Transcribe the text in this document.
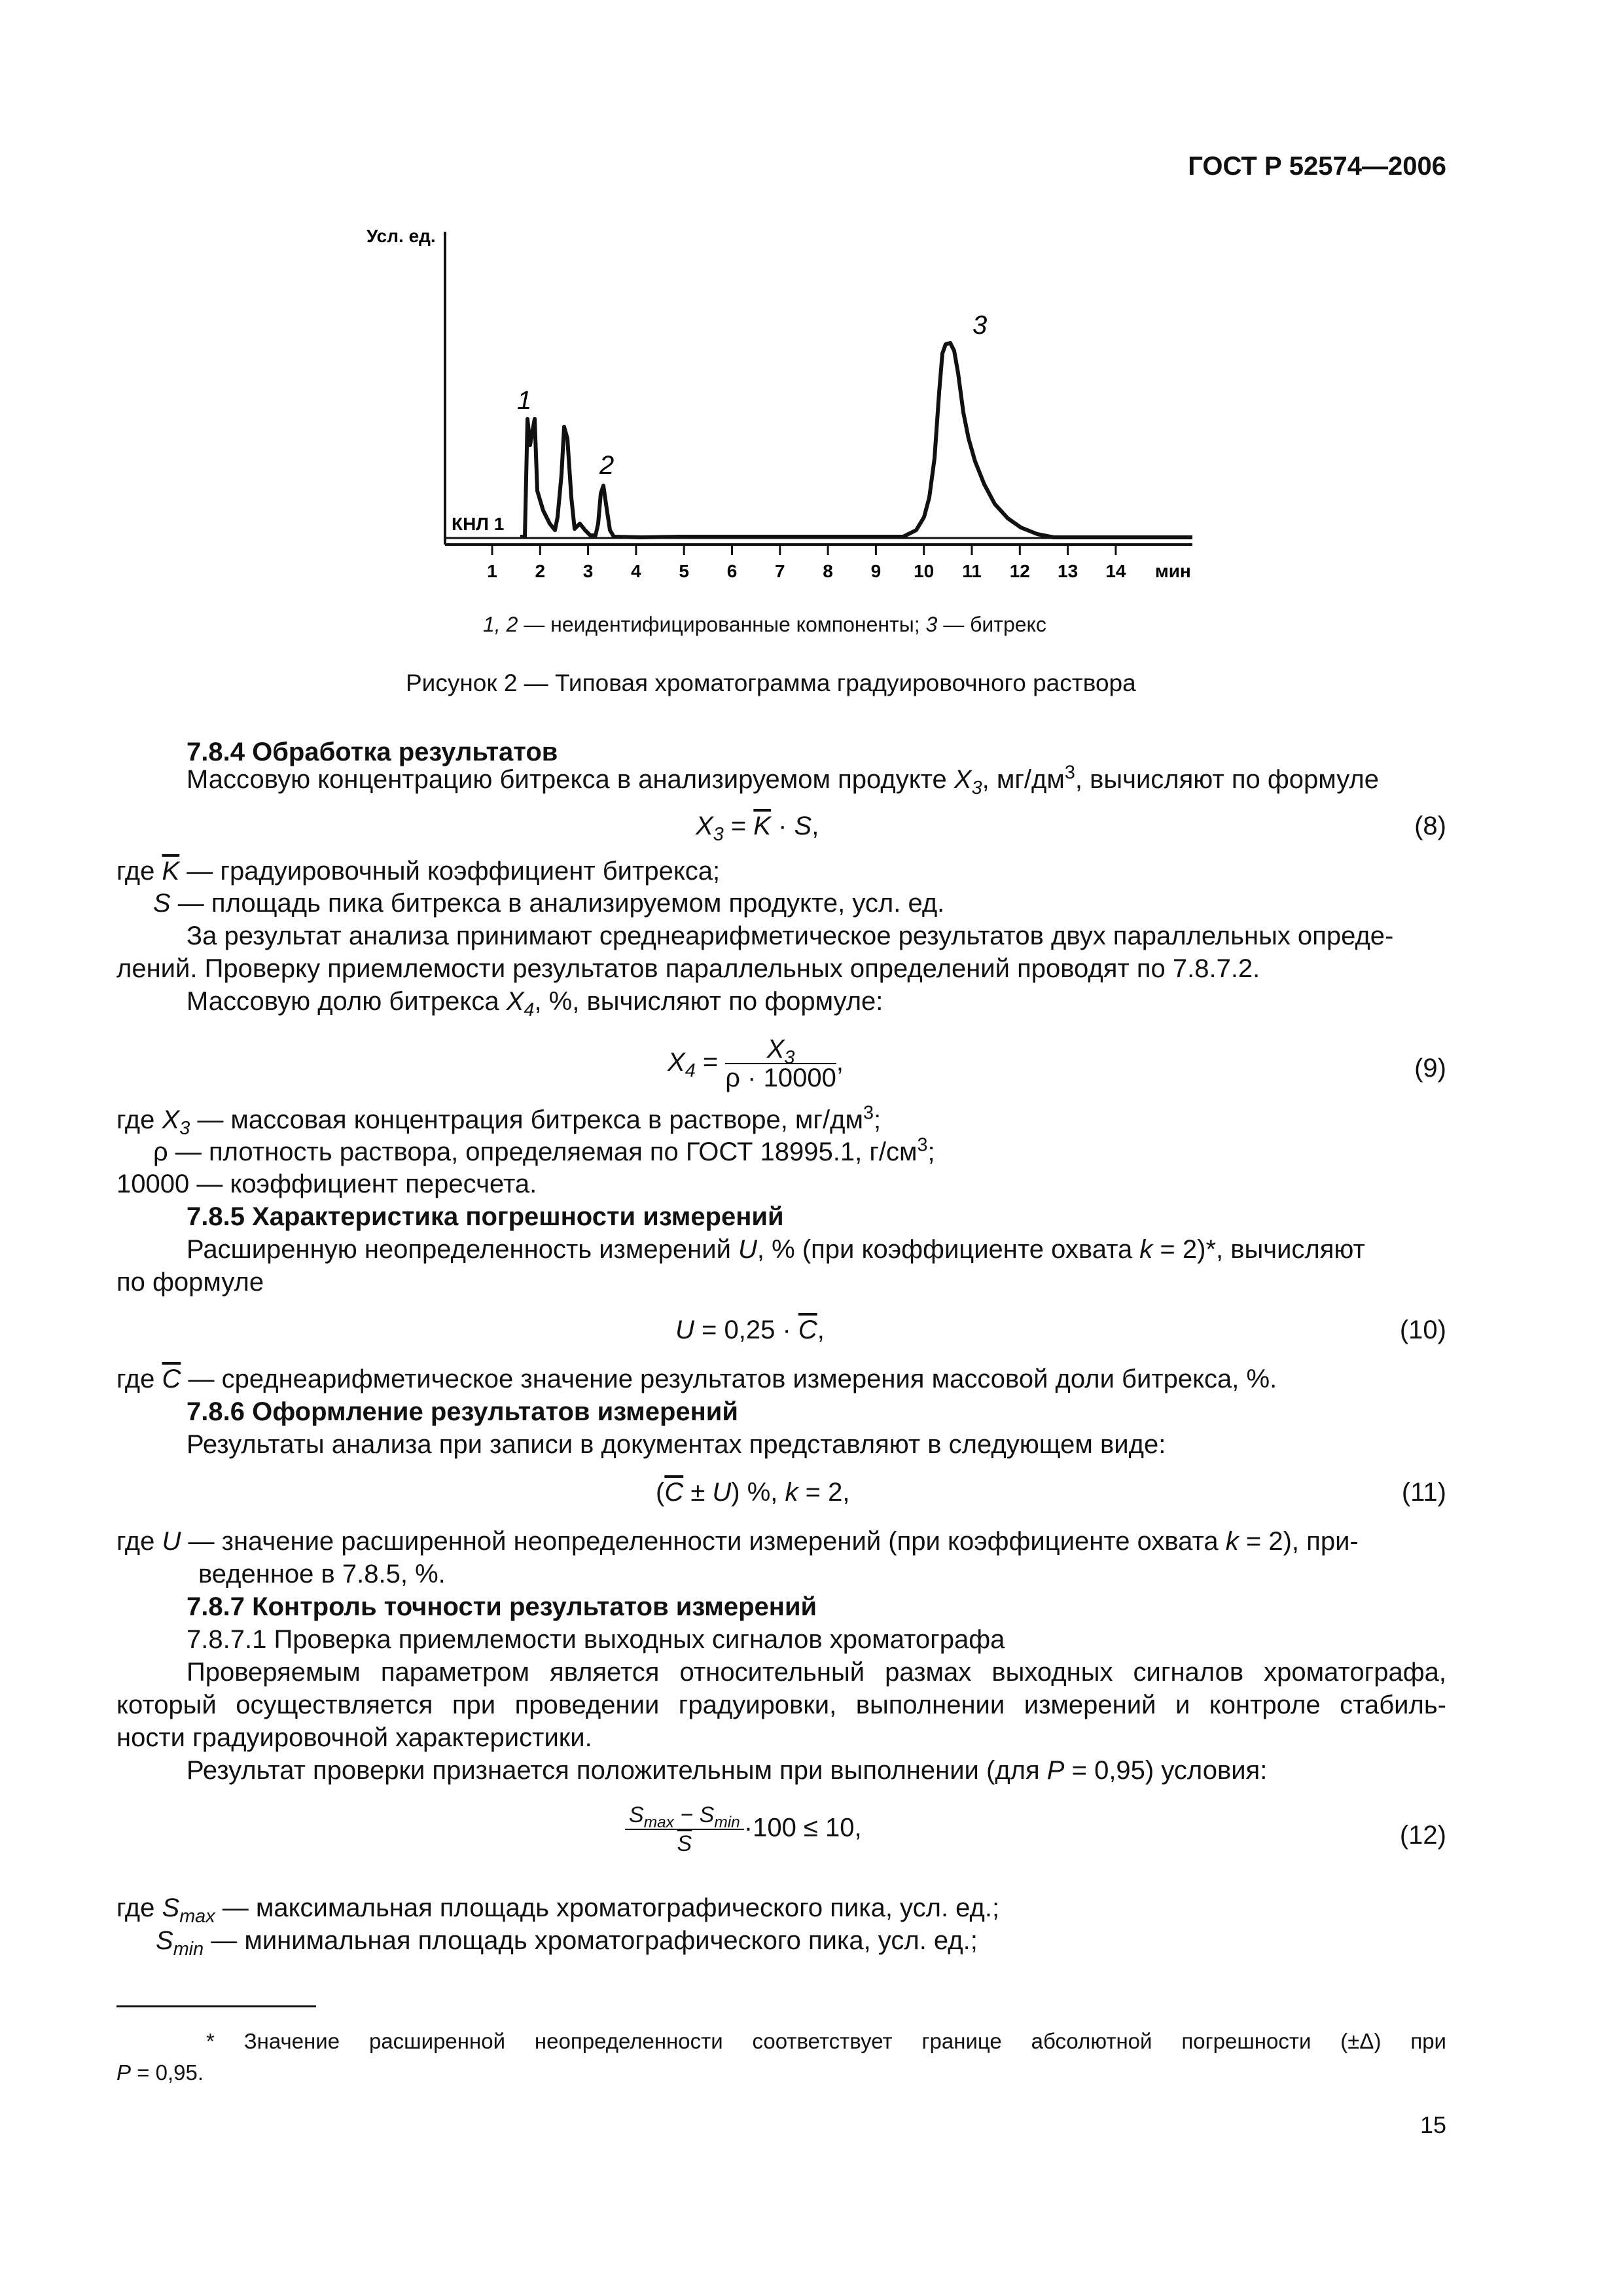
ГОСТ Р 52574—2006
Усл. ед.
1 2 3 4 5 6 7 8 9 10 11 12 13 14 мин
КНЛ 1
1
2
3
1, 2 — неидентифицированные компоненты; 3 — битрекс
Рисунок 2 — Типовая хроматограмма градуировочного раствора
7.8.4 Обработка результатов
Массовую концентрацию битрекса в анализируемом продукте $X_3$, $мг/дм^3$, вычисляют по формуле
$X_3 = \overline{K} \cdot S$,	(8)
где $\overline{K}$ — градуировочный коэффициент битрекса;
S — площадь пика битрекса в анализируемом продукте, усл. ед.
За результат анализа принимают среднеарифметическое результатов двух параллельных опреде-
лений. Проверку приемлемости результатов параллельных определений проводят по 7.8.7.2.
Массовую долю битрекса $X_4$, %, вычисляют по формуле:
$X_4 = \frac{X_3}{\rho \cdot 10000}$ ,	(9)
где $X_3$ — массовая концентрация битрекса в растворе, $мг/дм^3$;
ρ — плотность раствора, определяемая по ГОСТ 18995.1, $г/см^3$;
10000 — коэффициент пересчета.
7.8.5 Характеристика погрешности измерений
Расширенную неопределенность измерений U, % (при коэффициенте охвата k = 2)*, вычисляют
по формуле
$U = 0,25 \cdot \overline{C}$,	(10)
где $\overline{C}$ — среднеарифметическое значение результатов измерения массовой доли битрекса, %.
7.8.6 Оформление результатов измерений
Результаты анализа при записи в документах представляют в следующем виде:
$(\overline{C} \pm U)$ %, k = 2,	(11)
где U — значение расширенной неопределенности измерений (при коэффициенте охвата k = 2), при-
веденное в 7.8.5, %.
7.8.7 Контроль точности результатов измерений
7.8.7.1 Проверка приемлемости выходных сигналов хроматографа
Проверяемым параметром является относительный размах выходных сигналов хроматографа,
который осуществляется при проведении градуировки, выполнении измерений и контроле стабиль-
ности градуировочной характеристики.
Результат проверки признается положительным при выполнении (для P = 0,95) условия:
$\frac{S_{max} - S_{min}}{S} \cdot 100 \le 10$,	(12)
где $S_{max}$ — максимальная площадь хроматографического пика, усл. ед.;
$S_{min}$ — минимальная площадь хроматографического пика, усл. ед.;
* Значение расширенной неопределенности соответствует границе абсолютной погрешности (±Δ) при
P = 0,95.
15
